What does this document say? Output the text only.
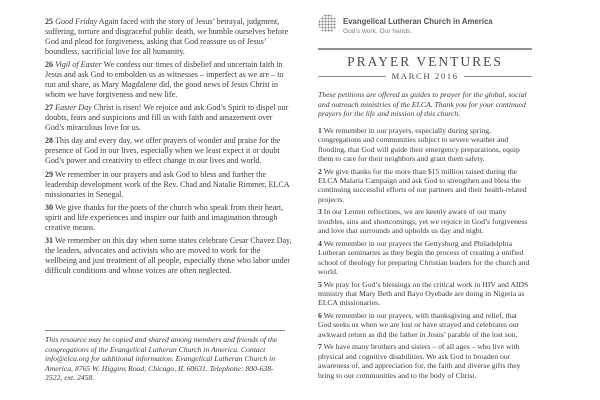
25 Good Friday Again faced with the story of Jesus’ betrayal, judgment, suffering, torture and disgraceful public death, we humble ourselves before God and plead for forgiveness, asking that God reassure us of Jesus’ boundless, sacrificial love for all humanity.

26 Vigil of Easter We confess our times of disbelief and uncertain faith in Jesus and ask God to embolden us as witnesses – imperfect as we are – to run and share, as Mary Magdalene did, the good news of Jesus Christ in whom we have forgiveness and new life.

27 Easter Day Christ is risen! We rejoice and ask God’s Spirit to dispel our doubts, fears and suspicions and fill us with faith and amazement over God’s miraculous love for us.

28 This day and every day, we offer prayers of wonder and praise for the presence of God in our lives, especially when we least expect it or doubt God’s power and creativity to effect change in our lives and world.

29 We remember in our prayers and ask God to bless and further the leadership development work of the Rev. Chad and Natalie Rimmer, ELCA missionaries in Senegal.

30 We give thanks for the poets of the church who speak from their heart, spirit and life experiences and inspire our faith and imagination through creative means.

31 We remember on this day when some states celebrate Cesar Chavez Day, the leaders, advocates and activists who are moved to work for the wellbeing and just treatment of all people, especially those who labor under difficult conditions and whose voices are often neglected.

This resource may be copied and shared among members and friends of the congregations of the Evangelical Lutheran Church in America. Contact info@elca.org for additional information. Evangelical Lutheran Church in America, 8765 W. Higgins Road, Chicago, IL 60631. Telephone: 800-638-3522, ext. 2458.
Evangelical Lutheran Church in America
God’s work. Our hands.
PRAYER VENTURES
MARCH 2016
These petitions are offered as guides to prayer for the global, social and outreach ministries of the ELCA. Thank you for your continued prayers for the life and mission of this church.

1 We remember in our prayers, especially during spring, congregations and communities subject to severe weather and flooding, that God will guide their emergency preparations, equip them to care for their neighbors and grant them safety.

2 We give thanks for the more than $15 million raised during the ELCA Malaria Campaign and ask God to strengthen and bless the continuing successful efforts of our partners and their health-related projects.

3 In our Lenten reflections, we are keenly aware of our many troubles, sins and shortcomings, yet we rejoice in God’s forgiveness and love that surrounds and upholds us day and night.

4 We remember in our prayers the Gettysburg and Philadelphia Lutheran seminaries as they begin the process of creating a unified school of theology for preparing Christian leaders for the church and world.

5 We pray for God’s blessings on the critical work in HIV and AIDS ministry that Mary Beth and Bayo Oyebade are doing in Nigeria as ELCA missionaries.

6 We remember in our prayers, with thanksgiving and relief, that God seeks us when we are lost or have strayed and celebrates our awkward return as did the father in Jesus’ parable of the lost son.

7 We have many brothers and sisters – of all ages – who live with physical and cognitive disabilities. We ask God to broaden our awareness of, and appreciation for, the faith and diverse gifts they bring to our communities and to the body of Christ.
